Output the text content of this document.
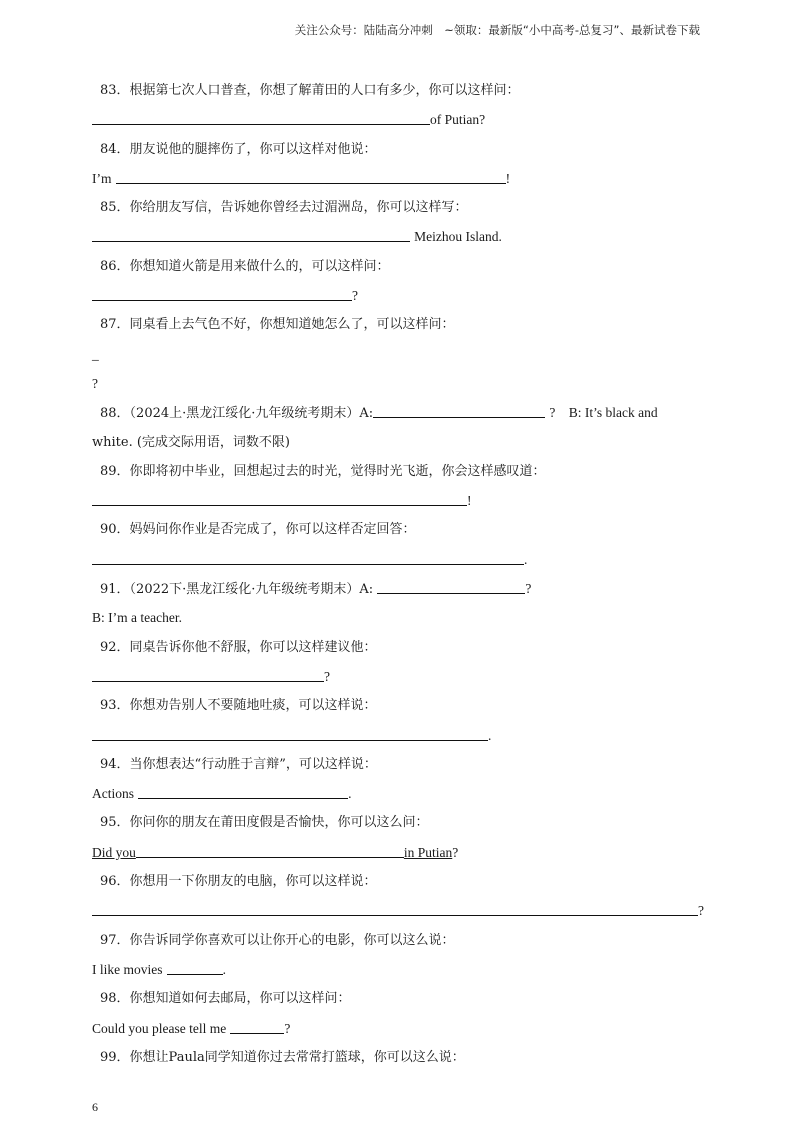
关注公众号：陆陆高分冲刺　~领取：最新版“小中高考-总复习”、最新试卷下载
83．根据第七次人口普查，你想了解莆田的人口有多少，你可以这样问：
of Putian?
84．朋友说他的腿摔伤了，你可以这样对他说：
I’m	!
85．你给朋友写信，告诉她你曾经去过湄洲岛，你可以这样写：
Meizhou Island.
86．你想知道火箭是用来做什么的，可以这样问：
?
87．同桌看上去气色不好，你想知道她怎么了，可以这样问：
_
?
88．（2024上·黑龙江绥化·九年级统考期末）A:	?　B: It’s black and
white. (完成交际用语，词数不限)
89．你即将初中毕业，回想起过去的时光，觉得时光飞逝，你会这样感叹道：
!
90．妈妈问你作业是否完成了，你可以这样否定回答：
.
91．（2022下·黑龙江绥化·九年级统考期末）A:	?
B: I’m a teacher.
92．同桌告诉你他不舒服，你可以这样建议他：
?
93．你想劝告别人不要随地吐痰，可以这样说：
.
94．当你想表达“行动胜于言辩”，可以这样说：
Actions	.
95．你问你的朋友在莆田度假是否愉快，你可以这么问：
Did you	in Putian?
96．你想用一下你朋友的电脑，你可以这样说：
?
97．你告诉同学你喜欢可以让你开心的电影，你可以这么说：
I like movies	.
98．你想知道如何去邮局，你可以这样问：
Could you please tell me	?
99．你想让Paula同学知道你过去常常打篮球，你可以这么说：
6
